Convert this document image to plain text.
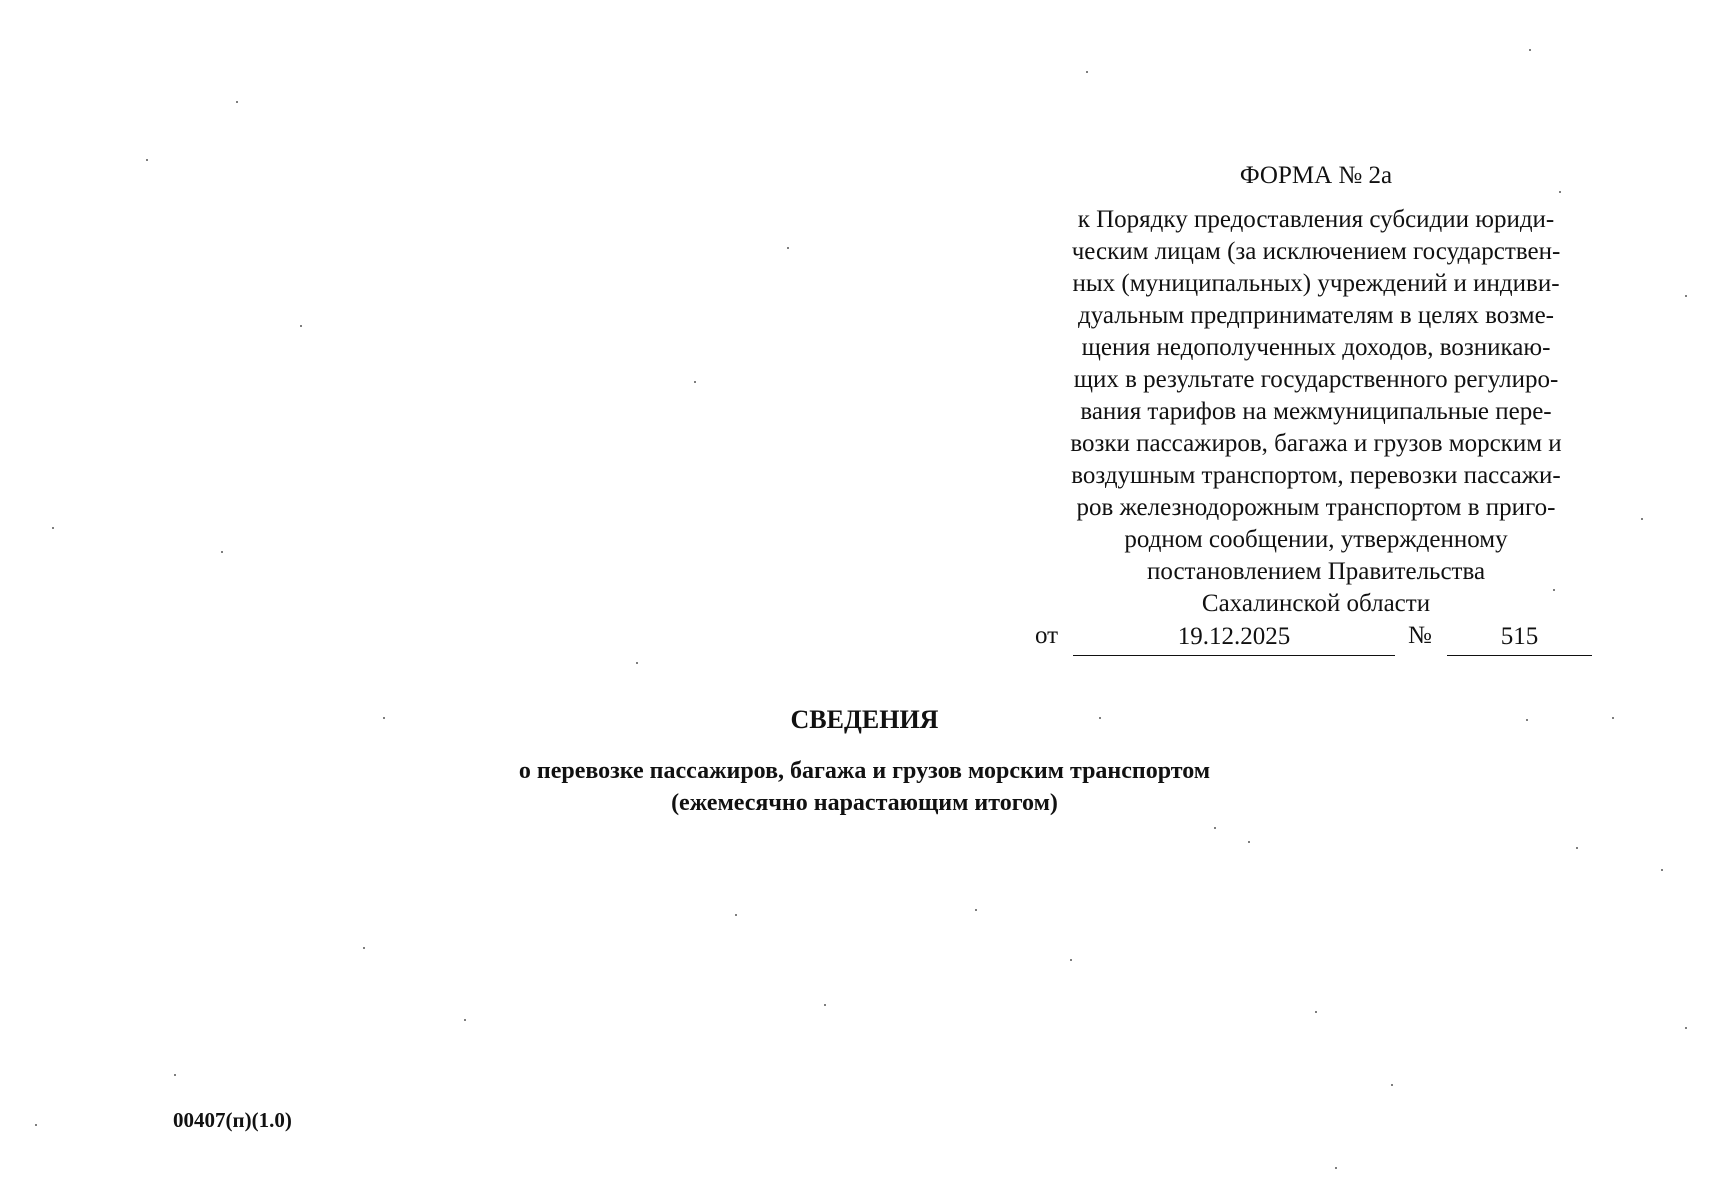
ФОРМА № 2а
к Порядку предоставления субсидии юриди-
ческим лицам (за исключением государствен-
ных (муниципальных) учреждений и индиви-
дуальным предпринимателям в целях возме-
щения недополученных доходов, возникаю-
щих в результате государственного регулиро-
вания тарифов на межмуниципальные пере-
возки пассажиров, багажа и грузов морским и
воздушным транспортом, перевозки пассажи-
ров железнодорожным транспортом в приго-
родном сообщении, утвержденному
постановлением Правительства
Сахалинской области
от	19.12.2025	№	515
СВЕДЕНИЯ
о перевозке пассажиров, багажа и грузов морским транспортом
(ежемесячно нарастающим итогом)
00407(п)(1.0)
